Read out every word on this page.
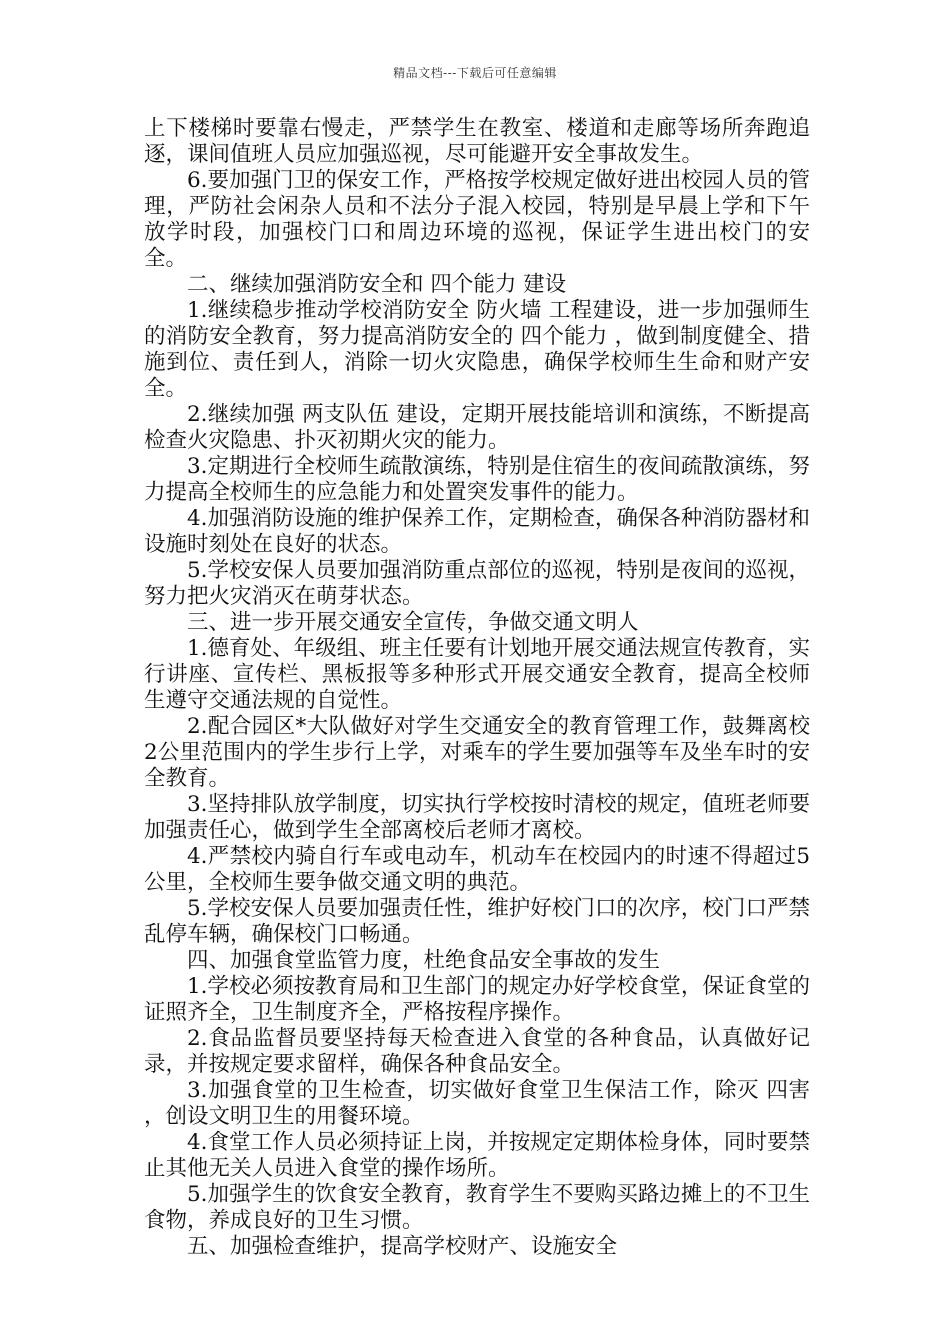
精品文档---下载后可任意编辑

上下楼梯时要靠右慢走，严禁学生在教室、楼道和走廊等场所奔跑追逐，课间值班人员应加强巡视，尽可能避开安全事故发生。

6.要加强门卫的保安工作，严格按学校规定做好进出校园人员的管理，严防社会闲杂人员和不法分子混入校园，特别是早晨上学和下午放学时段，加强校门口和周边环境的巡视，保证学生进出校门的安全。

二、继续加强消防安全和 四个能力 建设

1.继续稳步推动学校消防安全 防火墙 工程建设，进一步加强师生的消防安全教育，努力提高消防安全的 四个能力 ，做到制度健全、措施到位、责任到人，消除一切火灾隐患，确保学校师生生命和财产安全。

2.继续加强 两支队伍 建设，定期开展技能培训和演练，不断提高检查火灾隐患、扑灭初期火灾的能力。

3.定期进行全校师生疏散演练，特别是住宿生的夜间疏散演练，努力提高全校师生的应急能力和处置突发事件的能力。

4.加强消防设施的维护保养工作，定期检查，确保各种消防器材和设施时刻处在良好的状态。

5.学校安保人员要加强消防重点部位的巡视，特别是夜间的巡视，努力把火灾消灭在萌芽状态。

三、进一步开展交通安全宣传，争做交通文明人

1.德育处、年级组、班主任要有计划地开展交通法规宣传教育，实行讲座、宣传栏、黑板报等多种形式开展交通安全教育，提高全校师生遵守交通法规的自觉性。

2.配合园区*大队做好对学生交通安全的教育管理工作，鼓舞离校2公里范围内的学生步行上学，对乘车的学生要加强等车及坐车时的安全教育。

3.坚持排队放学制度，切实执行学校按时清校的规定，值班老师要加强责任心，做到学生全部离校后老师才离校。

4.严禁校内骑自行车或电动车，机动车在校园内的时速不得超过5公里，全校师生要争做交通文明的典范。

5.学校安保人员要加强责任性，维护好校门口的次序，校门口严禁乱停车辆，确保校门口畅通。

四、加强食堂监管力度，杜绝食品安全事故的发生

1.学校必须按教育局和卫生部门的规定办好学校食堂，保证食堂的证照齐全，卫生制度齐全，严格按程序操作。

2.食品监督员要坚持每天检查进入食堂的各种食品，认真做好记录，并按规定要求留样，确保各种食品安全。

3.加强食堂的卫生检查，切实做好食堂卫生保洁工作，除灭 四害 ，创设文明卫生的用餐环境。

4.食堂工作人员必须持证上岗，并按规定定期体检身体，同时要禁止其他无关人员进入食堂的操作场所。

5.加强学生的饮食安全教育，教育学生不要购买路边摊上的不卫生食物，养成良好的卫生习惯。

五、加强检查维护，提高学校财产、设施安全
